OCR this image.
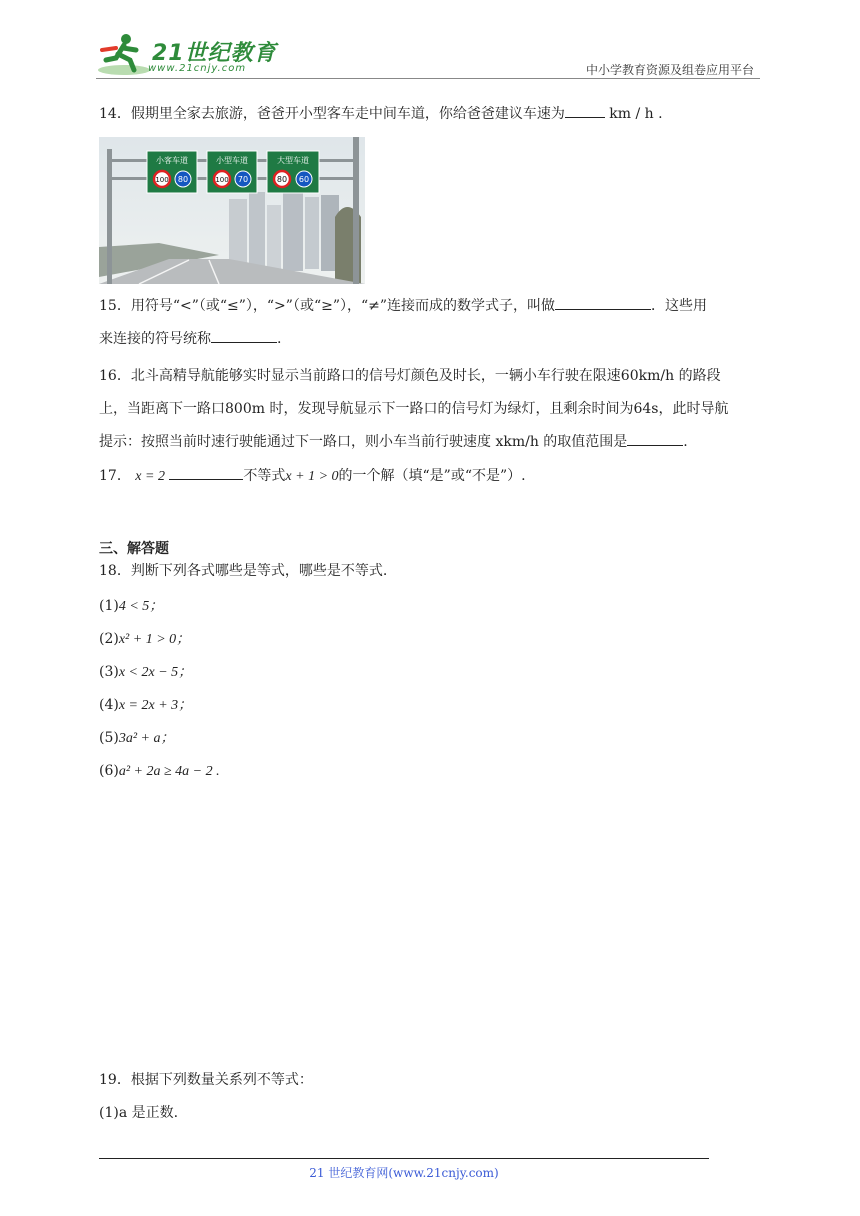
21世纪教育
www.21cnjy.com	中小学教育资源及组卷应用平台
14．假期里全家去旅游，爸爸开小型客车走中间车道，你给爸爸建议车速为	km / h .
100 80
小客车道
100 70
小型车道
80 60
大型车道
15．用符号“<”（或“≤”），“>”（或“≥”），“≠”连接而成的数学式子，叫做	．这些用
来连接的符号统称	.
16．北斗高精导航能够实时显示当前路口的信号灯颜色及时长，一辆小车行驶在限速60km/h 的路段
上，当距离下一路口800m 时，发现导航显示下一路口的信号灯为绿灯，且剩余时间为64s，此时导航
提示：按照当前时速行驶能通过下一路口，则小车当前行驶速度 xkm/h 的取值范围是	.
17． x = 2	不等式x + 1 > 0的一个解（填“是”或“不是”）.
三、解答题
18．判断下列各式哪些是等式，哪些是不等式.
(1)4 < 5；
(2)x² + 1 > 0；
(3)x < 2x − 5；
(4)x = 2x + 3；
(5)3a² + a；
(6)a² + 2a ≥ 4a − 2 .
19．根据下列数量关系列不等式：
(1)a 是正数.
21 世纪教育网(www.21cnjy.com)
